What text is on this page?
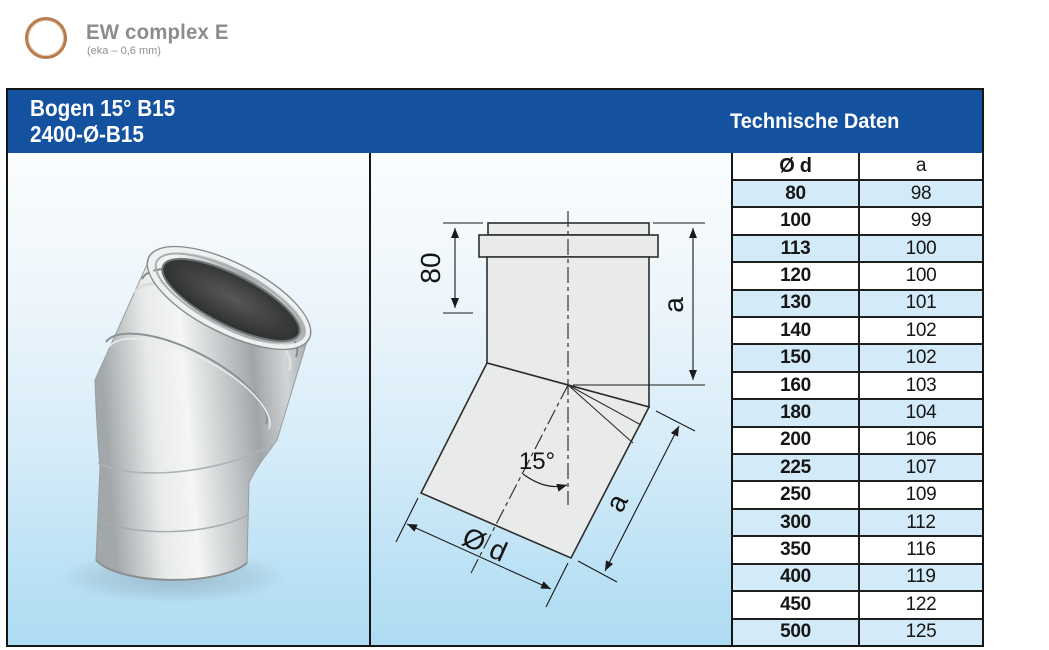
EW complex E
(eka – 0,6 mm)
Bogen 15° B15
2400-Ø-B15	Technische Daten
80
a
15°
Ø d
a
Ø d	a
80	98
100	99
113	100
120	100
130	101
140	102
150	102
160	103
180	104
200	106
225	107
250	109
300	112
350	116
400	119
450	122
500	125
